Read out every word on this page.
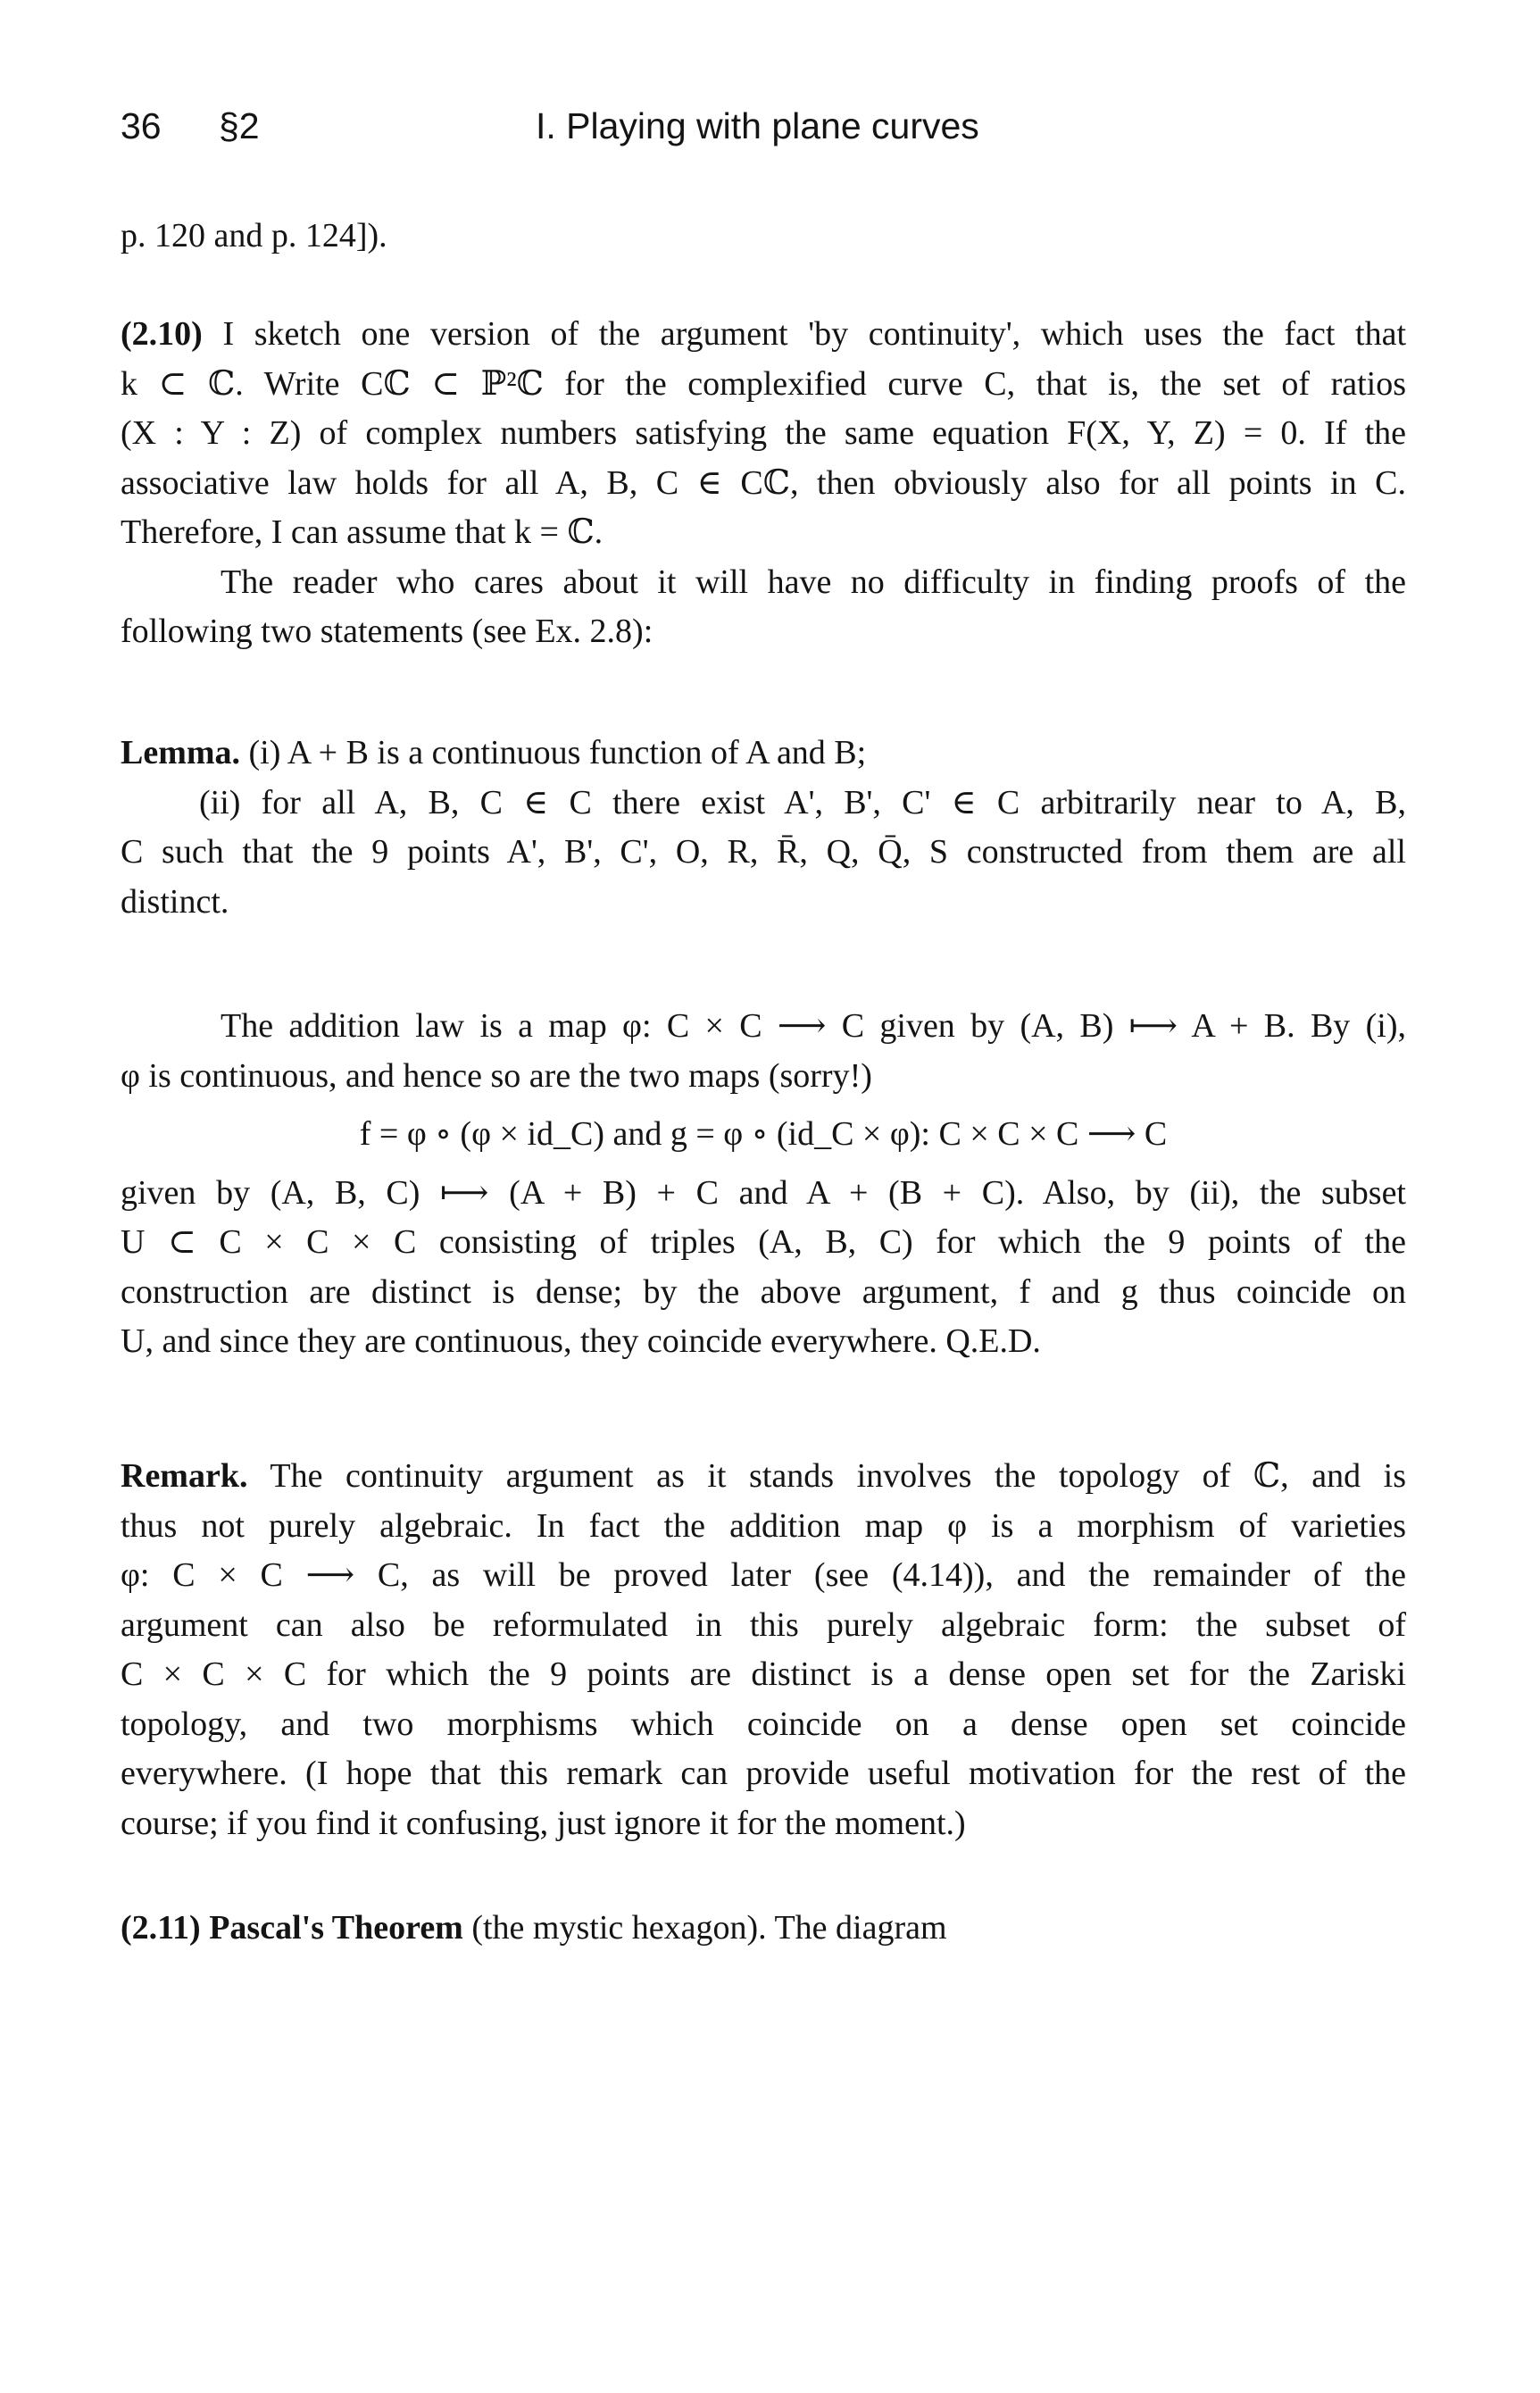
36 §2	I. Playing with plane curves
p. 120 and p. 124]).
(2.10) I sketch one version of the argument 'by continuity', which uses the fact that
k ⊂ ℂ. Write Cℂ ⊂ ℙ²ℂ for the complexified curve C, that is, the set of ratios
(X : Y : Z) of complex numbers satisfying the same equation F(X, Y, Z) = 0. If the
associative law holds for all A, B, C ∈ Cℂ, then obviously also for all points in C.
Therefore, I can assume that k = ℂ.
The reader who cares about it will have no difficulty in finding proofs of the
following two statements (see Ex. 2.8):
Lemma. (i) A + B is a continuous function of A and B;
(ii) for all A, B, C ∈ C there exist A', B', C' ∈ C arbitrarily near to A, B,
C such that the 9 points A', B', C', O, R, R̄, Q, Q̄, S constructed from them are all
distinct.
The addition law is a map φ: C × C ⟶ C given by (A, B) ⟼ A + B. By (i),
φ is continuous, and hence so are the two maps (sorry!)
f = φ ∘ (φ × id_C) and g = φ ∘ (id_C × φ): C × C × C ⟶ C
given by (A, B, C) ⟼ (A + B) + C and A + (B + C). Also, by (ii), the subset
U ⊂ C × C × C consisting of triples (A, B, C) for which the 9 points of the
construction are distinct is dense; by the above argument, f and g thus coincide on
U, and since they are continuous, they coincide everywhere. Q.E.D.
Remark. The continuity argument as it stands involves the topology of ℂ, and is
thus not purely algebraic. In fact the addition map φ is a morphism of varieties
φ: C × C ⟶ C, as will be proved later (see (4.14)), and the remainder of the
argument can also be reformulated in this purely algebraic form: the subset of
C × C × C for which the 9 points are distinct is a dense open set for the Zariski
topology, and two morphisms which coincide on a dense open set coincide
everywhere. (I hope that this remark can provide useful motivation for the rest of the
course; if you find it confusing, just ignore it for the moment.)
(2.11) Pascal's Theorem (the mystic hexagon). The diagram
